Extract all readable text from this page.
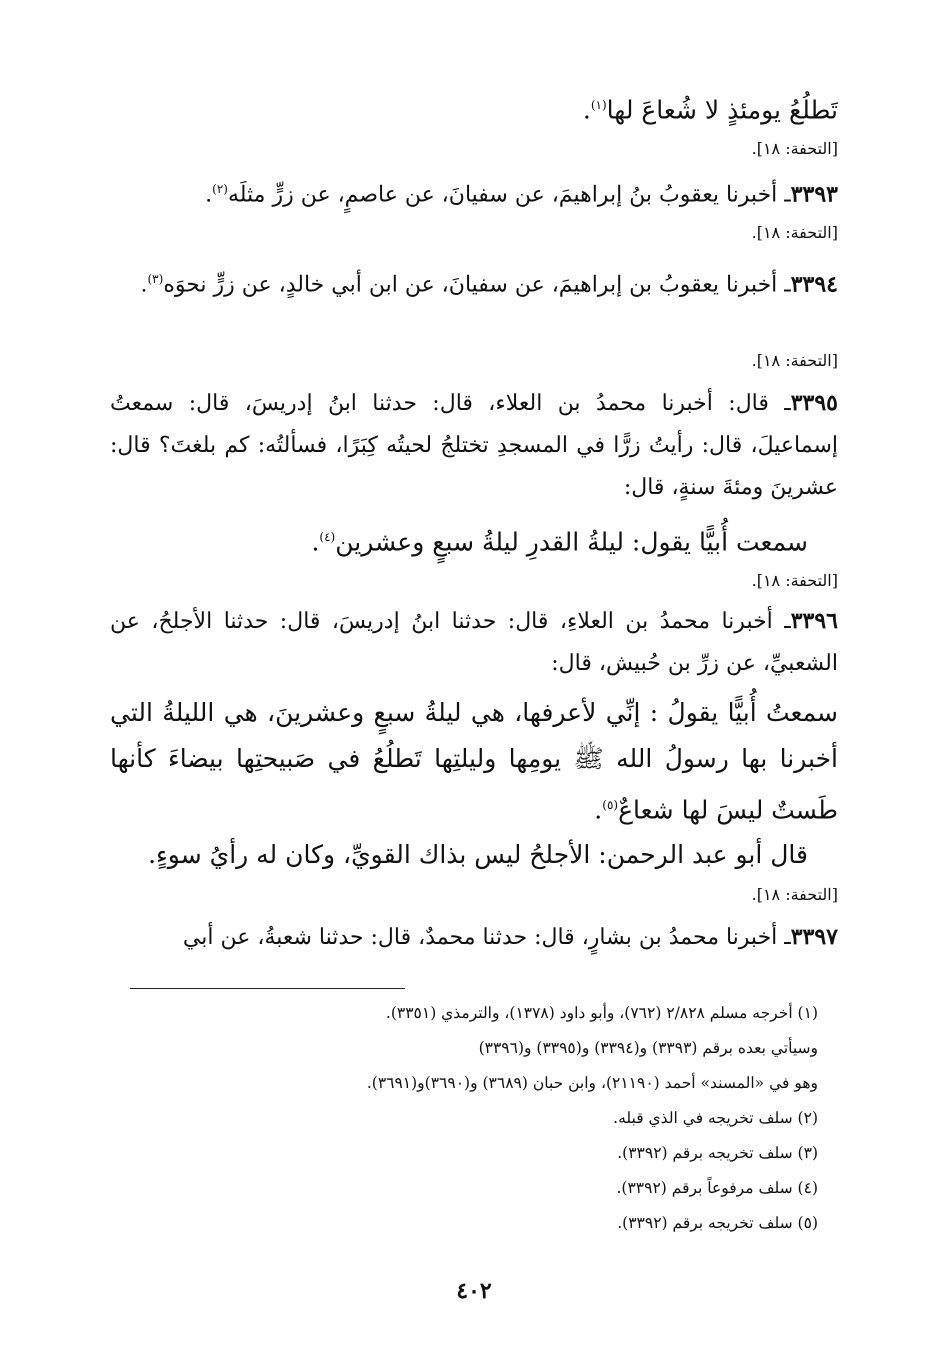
تَطلُعُ يومئذٍ لا شُعاعَ لها$^{(١)}$.
[التحفة: ١٨].
٣٣٩٣ـ أخبرنا يعقوبُ بنُ إبراهيمَ، عن سفيانَ، عن عاصمٍ، عن زرٍّ مثلَه$^{(٢)}$.
[التحفة: ١٨].
٣٣٩٤ـ أخبرنا يعقوبُ بن إبراهيمَ، عن سفيانَ، عن ابن أبي خالدٍ، عن زرٍّ نحوَه$^{(٣)}$.
[التحفة: ١٨].
٣٣٩٥ـ قال: أخبرنا محمدُ بن العلاء، قال: حدثنا ابنُ إدريسَ، قال: سمعتُ إسماعيلَ، قال: رأيتُ زرًّا في المسجدِ تختلجُ لحيتُه كِبَرًا، فسألتُه: كم بلغتَ؟ قال: عشرينَ ومئةَ سنةٍ، قال:
سمعت أُبيًّا يقول: ليلةُ القدرِ ليلةُ سبعٍ وعشرين$^{(٤)}$.
[التحفة: ١٨].
٣٣٩٦ـ أخبرنا محمدُ بن العلاءِ، قال: حدثنا ابنُ إدريسَ، قال: حدثنا الأجلحُ، عن الشعبيِّ، عن زرِّ بن حُبيش، قال:
سمعتُ أُبيًّا يقولُ : إنِّي لأعرفها، هي ليلةُ سبعٍ وعشرينَ، هي الليلةُ التي أخبرنا بها رسولُ الله ﷺ يومِها وليلتِها تَطلُعُ في صَبيحتِها بيضاءَ كأنها طَستٌ ليسَ لها شعاعٌ$^{(٥)}$.
قال أبو عبد الرحمن: الأجلحُ ليس بذاك القويِّ، وكان له رأيُ سوءٍ.
[التحفة: ١٨].
٣٣٩٧ـ أخبرنا محمدُ بن بشارٍ، قال: حدثنا محمدٌ، قال: حدثنا شعبةُ، عن أبي
(١) أخرجه مسلم ٢/٨٢٨ (٧٦٢)، وأبو داود (١٣٧٨)، والترمذي (٣٣٥١).
وسيأتي بعده برقم (٣٣٩٣) و(٣٣٩٤) و(٣٣٩٥) و(٣٣٩٦)
وهو في «المسند» أحمد (٢١١٩٠)، وابن حبان (٣٦٨٩) و(٣٦٩٠)و(٣٦٩١).
(٢) سلف تخريجه في الذي قبله.
(٣) سلف تخريجه برقم (٣٣٩٢).
(٤) سلف مرفوعاً برقم (٣٣٩٢).
(٥) سلف تخريجه برقم (٣٣٩٢).
٤٠٢
